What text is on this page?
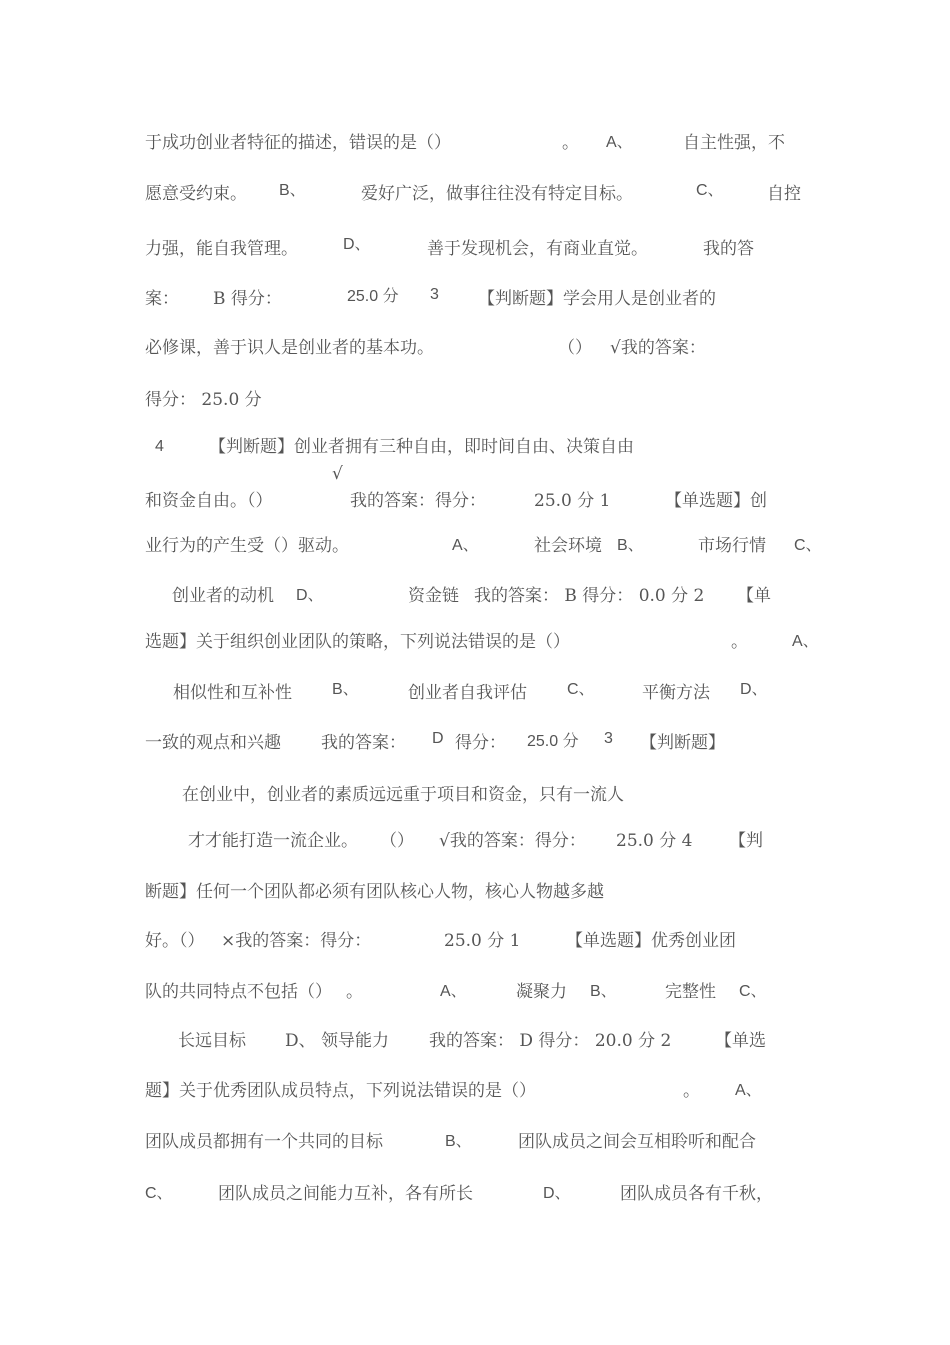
于成功创业者特征的描述，错误的是（）	。 A、	自主性强，不
愿意受约束。 B、	爱好广泛，做事往往没有特定目标。	C、	自控
力强，能自我管理。	D、	善于发现机会，有商业直觉。	我的答
案： B 得分：	25.0 分 3 【判断题】学会用人是创业者的
必修课，善于识人是创业者的基本功。	（） √我的答案：
得分： 25.0 分
4	【判断题】创业者拥有三种自由，即时间自由、决策自由
√
和资金自由。（）	我的答案：得分：	25.0 分 1	【单选题】创
业行为的产生受（）驱动。	A、	社会环境 B、	市场行情 C、
创业者的动机 D、	资金链 我的答案： B 得分： 0.0 分 2 【单
选题】关于组织创业团队的策略，下列说法错误的是（）	。	A、
相似性和互补性	B、	创业者自我评估	C、	平衡方法 D、
一致的观点和兴趣 我的答案： D 得分： 25.0 分 3 【判断题】
在创业中，创业者的素质远远重于项目和资金，只有一流人
才才能打造一流企业。 （） √我的答案：得分： 25.0 分 4 【判
断题】任何一个团队都必须有团队核心人物，核心人物越多越
好。（） ×我的答案：得分：	25.0 分 1	【单选题】优秀创业团
队的共同特点不包括（） 。	A、	凝聚力 B、	完整性 C、
长远目标 D、 领导能力 我的答案： D 得分： 20.0 分 2	【单选
题】关于优秀团队成员特点，下列说法错误的是（）	。 A、
团队成员都拥有一个共同的目标	B、	团队成员之间会互相聆听和配合
C、	团队成员之间能力互补，各有所长	D、	团队成员各有千秋，
